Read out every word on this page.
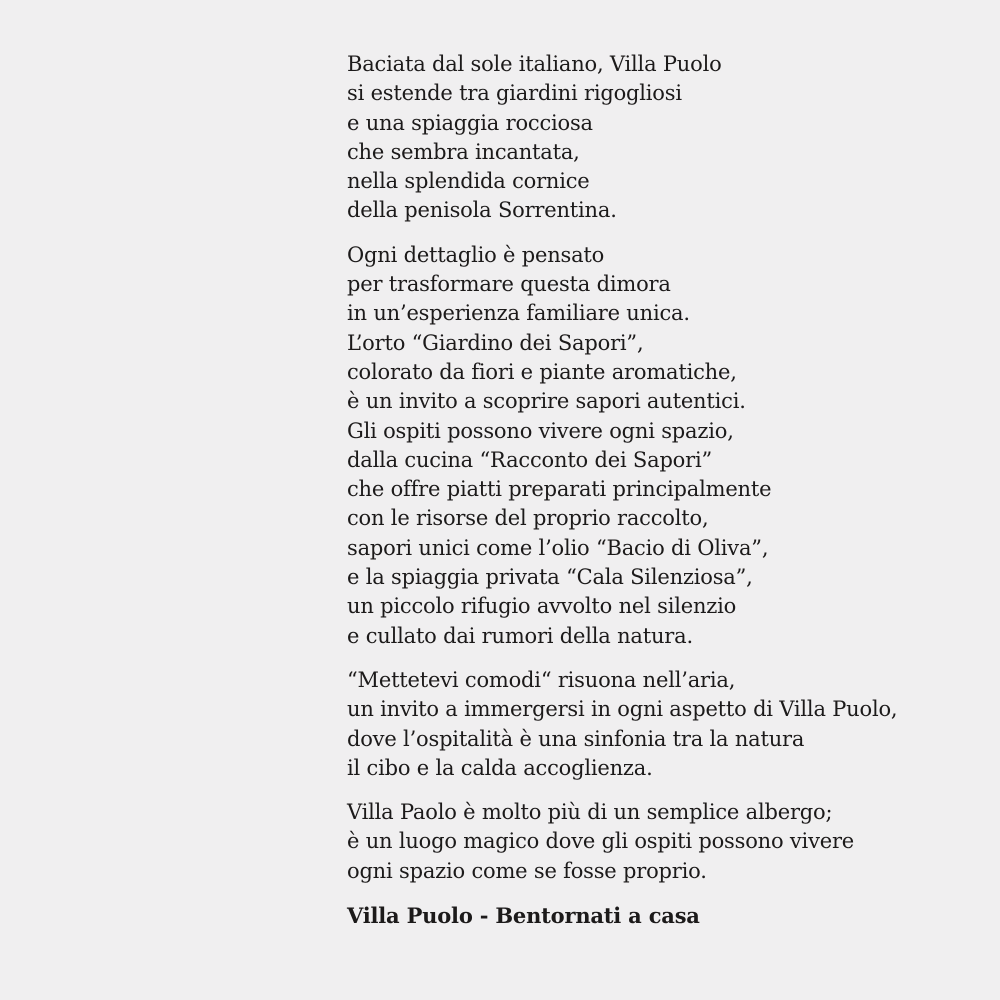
Baciata dal sole italiano, Villa Puolo
si estende tra giardini rigogliosi
e una spiaggia rocciosa
che sembra incantata,
nella splendida cornice
della penisola Sorrentina.

Ogni dettaglio è pensato
per trasformare questa dimora
in un’esperienza familiare unica.
L’orto “Giardino dei Sapori”,
colorato da fiori e piante aromatiche,
è un invito a scoprire sapori autentici.
Gli ospiti possono vivere ogni spazio,
dalla cucina “Racconto dei Sapori”
che offre piatti preparati principalmente
con le risorse del proprio raccolto,
sapori unici come l’olio “Bacio di Oliva”,
e la spiaggia privata “Cala Silenziosa”,
un piccolo rifugio avvolto nel silenzio
e cullato dai rumori della natura.

“Mettetevi comodi“ risuona nell’aria,
un invito a immergersi in ogni aspetto di Villa Puolo,
dove l’ospitalità è una sinfonia tra la natura
il cibo e la calda accoglienza.

Villa Paolo è molto più di un semplice albergo;
è un luogo magico dove gli ospiti possono vivere
ogni spazio come se fosse proprio.

Villa Puolo - Bentornati a casa
